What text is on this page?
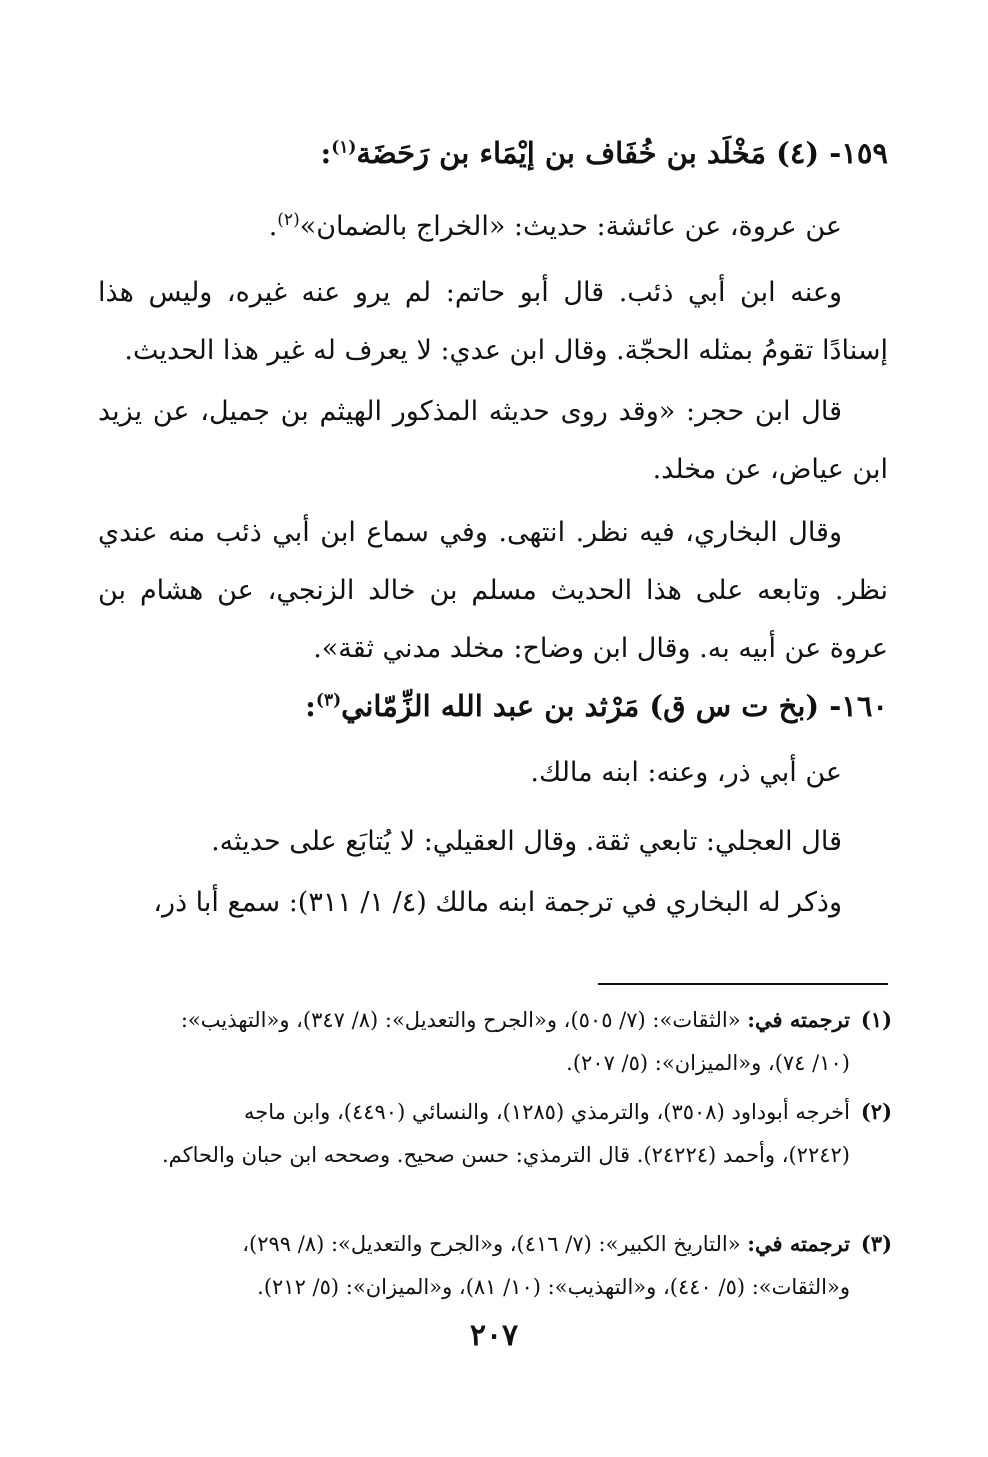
١٥٩- (٤) مَخْلَد بن خُفَاف بن إيْمَاء بن رَحَضَة$^{(١)}$:

عن عروة، عن عائشة: حديث: «الخراج بالضمان»$^{(٢)}$.

وعنه ابن أبي ذئب. قال أبو حاتم: لم يرو عنه غيره، وليس هذا إسنادًا تقومُ بمثله الحجّة. وقال ابن عدي: لا يعرف له غير هذا الحديث.

قال ابن حجر: «وقد روى حديثه المذكور الهيثم بن جميل، عن يزيد ابن عياض، عن مخلد.

وقال البخاري، فيه نظر. انتهى. وفي سماع ابن أبي ذئب منه عندي نظر. وتابعه على هذا الحديث مسلم بن خالد الزنجي، عن هشام بن عروة عن أبيه به. وقال ابن وضاح: مخلد مدني ثقة».

١٦٠- (بخ ت س ق) مَرْثد بن عبد الله الزِّمّاني$^{(٣)}$:

عن أبي ذر، وعنه: ابنه مالك.

قال العجلي: تابعي ثقة. وقال العقيلي: لا يُتابَع على حديثه.

وذكر له البخاري في ترجمة ابنه مالك (٤/ ١/ ٣١١): سمع أبا ذر،

(١)ترجمته في: «الثقات»: (٧/ ٥٠٥)، و«الجرح والتعديل»: (٨/ ٣٤٧)، و«التهذيب»:
(١٠/ ٧٤)، و«الميزان»: (٥/ ٢٠٧).
(٢)أخرجه أبوداود (٣٥٠٨)، والترمذي (١٢٨٥)، والنسائي (٤٤٩٠)، وابن ماجه
(٢٢٤٢)، وأحمد (٢٤٢٢٤). قال الترمذي: حسن صحيح. وصححه ابن حبان والحاكم.
(٣)ترجمته في: «التاريخ الكبير»: (٧/ ٤١٦)، و«الجرح والتعديل»: (٨/ ٢٩٩)،
و«الثقات»: (٥/ ٤٤٠)، و«التهذيب»: (١٠/ ٨١)، و«الميزان»: (٥/ ٢١٢).
٢٠٧
